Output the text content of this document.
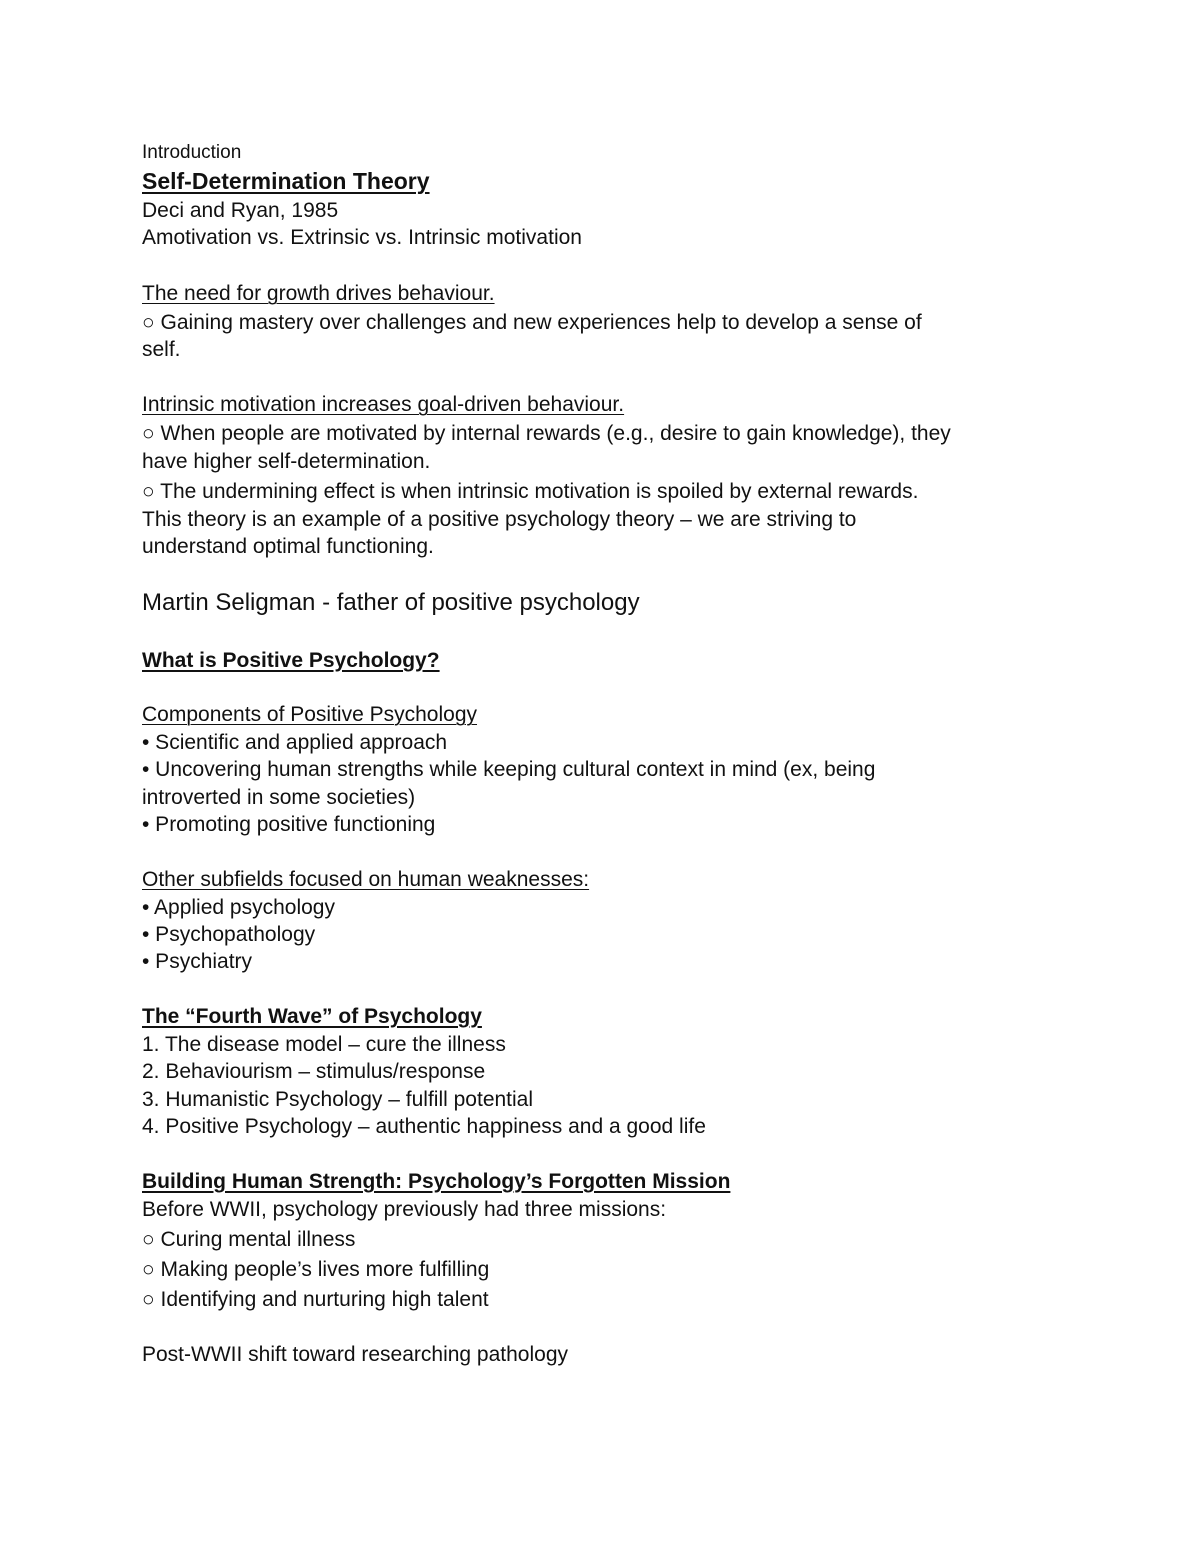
Introduction

Self-Determination Theory

Deci and Ryan, 1985

Amotivation vs. Extrinsic vs. Intrinsic motivation

The need for growth drives behaviour.

○ Gaining mastery over challenges and new experiences help to develop a sense of

self.

Intrinsic motivation increases goal-driven behaviour.

○ When people are motivated by internal rewards (e.g., desire to gain knowledge), they

have higher self-determination.

○ The undermining effect is when intrinsic motivation is spoiled by external rewards.

This theory is an example of a positive psychology theory – we are striving to

understand optimal functioning.

Martin Seligman - father of positive psychology

What is Positive Psychology?

Components of Positive Psychology

• Scientific and applied approach

• Uncovering human strengths while keeping cultural context in mind (ex, being

introverted in some societies)

• Promoting positive functioning

Other subfields focused on human weaknesses:

• Applied psychology

• Psychopathology

• Psychiatry

The “Fourth Wave” of Psychology

1. The disease model – cure the illness

2. Behaviourism – stimulus/response

3. Humanistic Psychology – fulfill potential

4. Positive Psychology – authentic happiness and a good life

Building Human Strength: Psychology’s Forgotten Mission

Before WWII, psychology previously had three missions:

○ Curing mental illness

○ Making people’s lives more fulfilling

○ Identifying and nurturing high talent

Post-WWII shift toward researching pathology
